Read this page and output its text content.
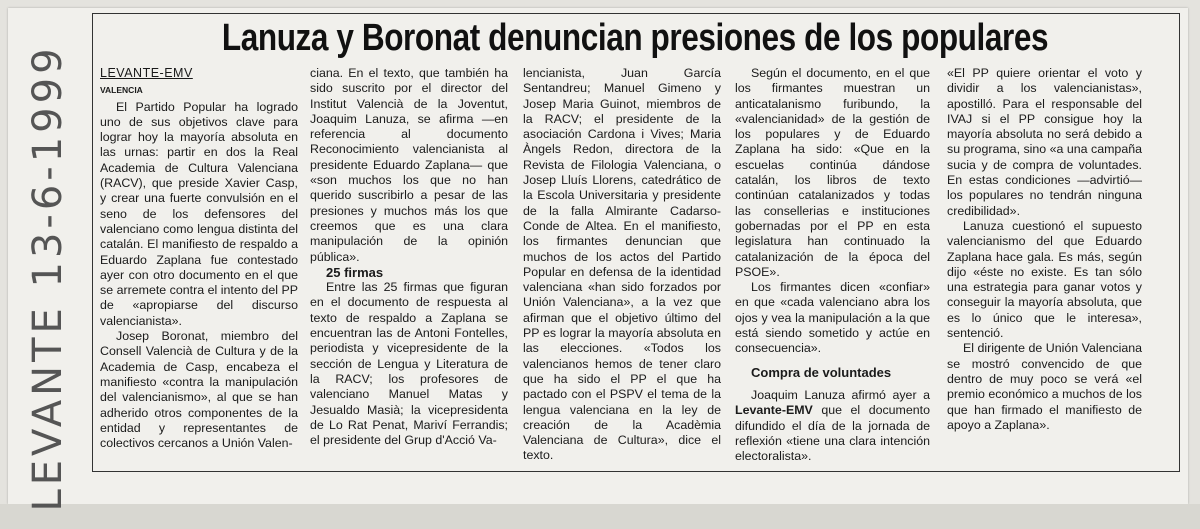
Lanuza y Boronat denuncian presiones de los populares
LEVANTE 13-6-1999 LEVANTE-EMV
VALENCIA

El Partido Popular ha logrado uno de sus objetivos clave para lograr hoy la mayoría absoluta en las urnas: partir en dos la Real Academia de Cultura Valenciana (RACV), que preside Xavier Casp, y crear una fuerte convulsión en el seno de los defensores del valenciano como lengua distinta del catalán. El manifiesto de respaldo a Eduardo Zaplana fue contestado ayer con otro documento en el que se arremete contra el intento del PP de «apropiarse del discurso valencianista».

Josep Boronat, miembro del Consell Valencià de Cultura y de la Academia de Casp, encabeza el manifiesto «contra la manipulación del valencianismo», al que se han adherido otros componentes de la entidad y representantes de colectivos cercanos a Unión Valen-

ciana. En el texto, que también ha sido suscrito por el director del Institut Valencià de la Joventut, Joaquim Lanuza, se afirma —en referencia al documento Reconocimiento valencianista al presidente Eduardo Zaplana— que «son muchos los que no han querido suscribirlo a pesar de las presiones y muchos más los que creemos que es una clara manipulación de la opinión pública».

25 firmas

Entre las 25 firmas que figuran en el documento de respuesta al texto de respaldo a Zaplana se encuentran las de Antoni Fontelles, periodista y vicepresidente de la sección de Lengua y Literatura de la RACV; los profesores de valenciano Manuel Matas y Jesualdo Masià; la vicepresidenta de Lo Rat Penat, Mariví Ferrandis; el presidente del Grup d'Acció Va-

lencianista, Juan García Sentandreu; Manuel Gimeno y Josep Maria Guinot, miembros de la RACV; el presidente de la asociación Cardona i Vives; Maria Àngels Redon, directora de la Revista de Filologia Valenciana, o Josep Lluís Llorens, catedrático de la Escola Universitaria y presidente de la falla Almirante Cadarso-Conde de Altea. En el manifiesto, los firmantes denuncian que muchos de los actos del Partido Popular en defensa de la identidad valenciana «han sido forzados por Unión Valenciana», a la vez que afirman que el objetivo último del PP es lograr la mayoría absoluta en las elecciones. «Todos los valencianos hemos de tener claro que ha sido el PP el que ha pactado con el PSPV el tema de la lengua valenciana en la ley de creación de la Acadèmia Valenciana de Cultura», dice el texto.

Según el documento, en el que los firmantes muestran un anticatalanismo furibundo, la «valencianidad» de la gestión de los populares y de Eduardo Zaplana ha sido: «Que en la escuelas continúa dándose catalán, los libros de texto continúan catalanizados y todas las consellerias e instituciones gobernadas por el PP en esta legislatura han continuado la catalanización de la época del PSOE».

Los firmantes dicen «confiar» en que «cada valenciano abra los ojos y vea la manipulación a la que está siendo sometido y actúe en consecuencia».

Compra de voluntades

Joaquim Lanuza afirmó ayer a Levante-EMV que el documento difundido el día de la jornada de reflexión «tiene una clara intención electoralista».

«El PP quiere orientar el voto y dividir a los valencianistas», apostilló. Para el responsable del IVAJ si el PP consigue hoy la mayoría absoluta no será debido a su programa, sino «a una campaña sucia y de compra de voluntades. En estas condiciones —advirtió— los populares no tendrán ninguna credibilidad».

Lanuza cuestionó el supuesto valencianismo del que Eduardo Zaplana hace gala. Es más, según dijo «éste no existe. Es tan sólo una estrategia para ganar votos y conseguir la mayoría absoluta, que es lo único que le interesa», sentenció.

El dirigente de Unión Valenciana se mostró convencido de que dentro de muy poco se verá «el premio económico a muchos de los que han firmado el manifiesto de apoyo a Zaplana».
